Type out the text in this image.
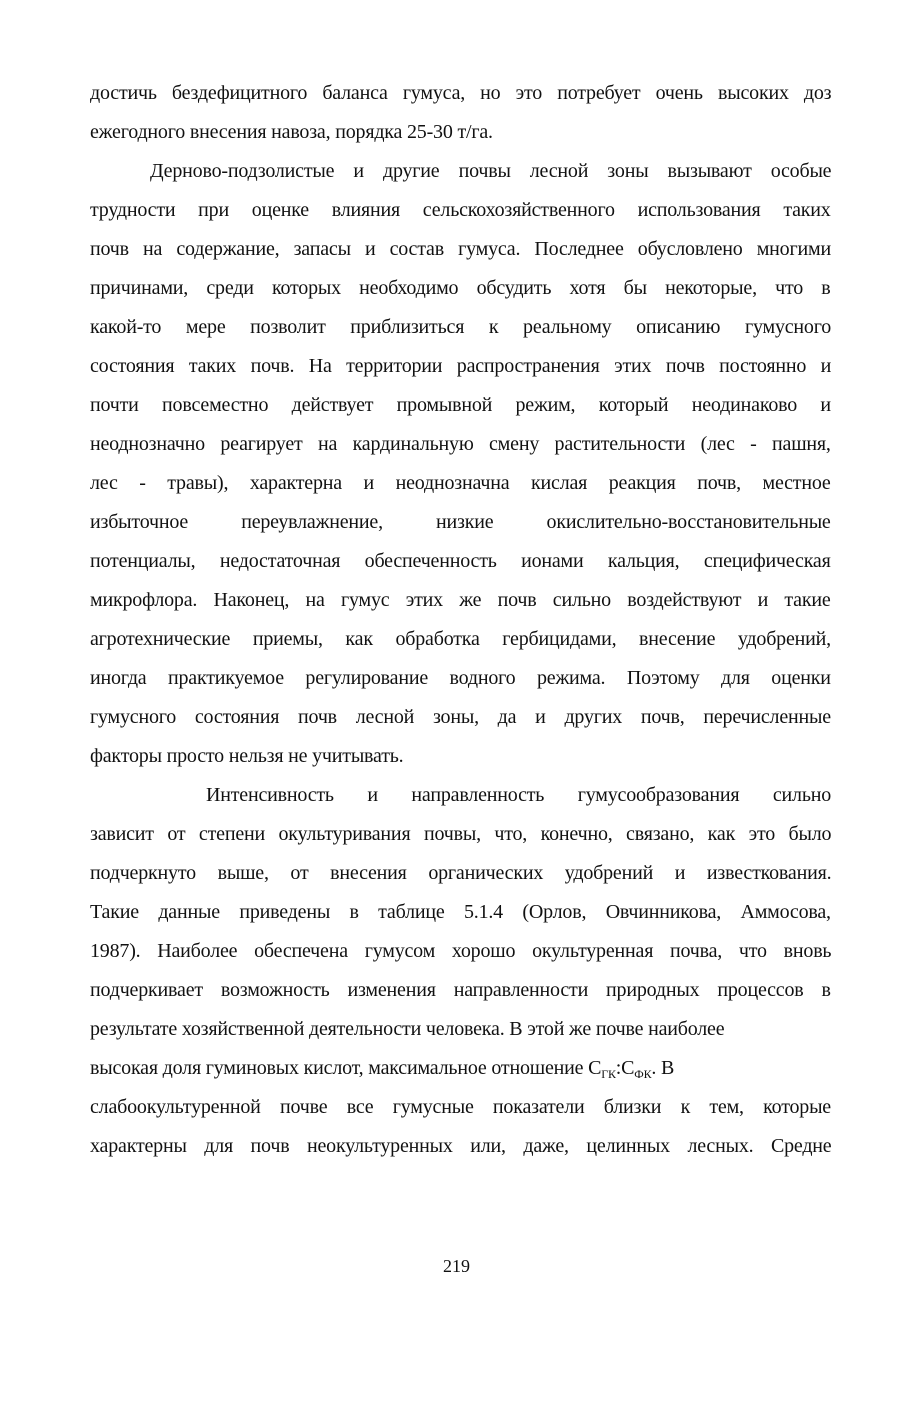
достичь бездефицитного баланса гумуса, но это потребует очень высоких доз
ежегодного внесения навоза, порядка 25-30 т/га.
Дерново-подзолистые и другие почвы лесной зоны вызывают особые
трудности при оценке влияния сельскохозяйственного использования таких
почв на содержание, запасы и состав гумуса. Последнее обусловлено многими
причинами, среди которых необходимо обсудить хотя бы некоторые, что в
какой-то мере позволит приблизиться к реальному описанию гумусного
состояния таких почв. На территории распространения этих почв постоянно и
почти повсеместно действует промывной режим, который неодинаково и
неоднозначно реагирует на кардинальную смену растительности (лес - пашня,
лес - травы), характерна и неоднозначна кислая реакция почв, местное
избыточное переувлажнение, низкие окислительно-восстановительные
потенциалы, недостаточная обеспеченность ионами кальция, специфическая
микрофлора. Наконец, на гумус этих же почв сильно воздействуют и такие
агротехнические приемы, как обработка гербицидами, внесение удобрений,
иногда практикуемое регулирование водного режима. Поэтому для оценки
гумусного состояния почв лесной зоны, да и других почв, перечисленные
факторы просто нельзя не учитывать.
Интенсивность и направленность гумусообразования сильно
зависит от степени окультуривания почвы, что, конечно, связано, как это было
подчеркнуто выше, от внесения органических удобрений и известкования.
Такие данные приведены в таблице 5.1.4 (Орлов, Овчинникова, Аммосова,
1987). Наиболее обеспечена гумусом хорошо окультуренная почва, что вновь
подчеркивает возможность изменения направленности природных процессов в
результате хозяйственной деятельности человека. В этой же почве наиболее
высокая доля гуминовых кислот, максимальное отношение $С_{ГК}:С_{ФК}$. В
слабоокультуренной почве все гумусные показатели близки к тем, которые
характерны для почв неокультуренных или, даже, целинных лесных. Средне
219
